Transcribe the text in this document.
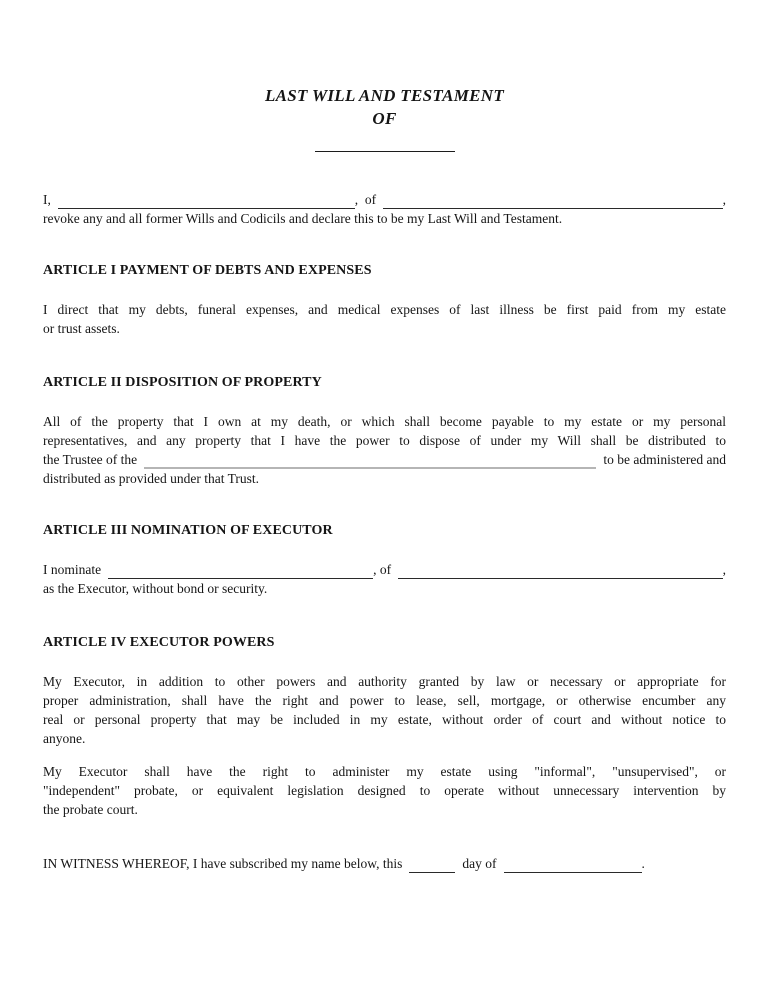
LAST WILL AND TESTAMENT
OF
I,	,  of	,
revoke any and all former Wills and Codicils and declare this to be my Last Will and Testament.
ARTICLE I PAYMENT OF DEBTS AND EXPENSES
I direct that my debts, funeral expenses, and medical expenses of last illness be first paid from my estate
or trust assets.
ARTICLE II DISPOSITION OF PROPERTY
All of the property that I own at my death, or which shall become payable to my estate or my personal
representatives, and any property that I have the power to dispose of under my Will shall be distributed to
the Trustee of the	to be administered and
distributed as provided under that Trust.
ARTICLE III NOMINATION OF EXECUTOR
I nominate	, of	,
as the Executor, without bond or security.
ARTICLE IV EXECUTOR POWERS
My Executor, in addition to other powers and authority granted by law or necessary or appropriate for
proper administration, shall have the right and power to lease, sell, mortgage, or otherwise encumber any
real or personal property that may be included in my estate, without order of court and without notice to
anyone.
My Executor shall have the right to administer my estate using "informal", "unsupervised", or
"independent" probate, or equivalent legislation designed to operate without unnecessary intervention by
the probate court.
IN WITNESS WHEREOF, I have subscribed my name below, this	day of	.
